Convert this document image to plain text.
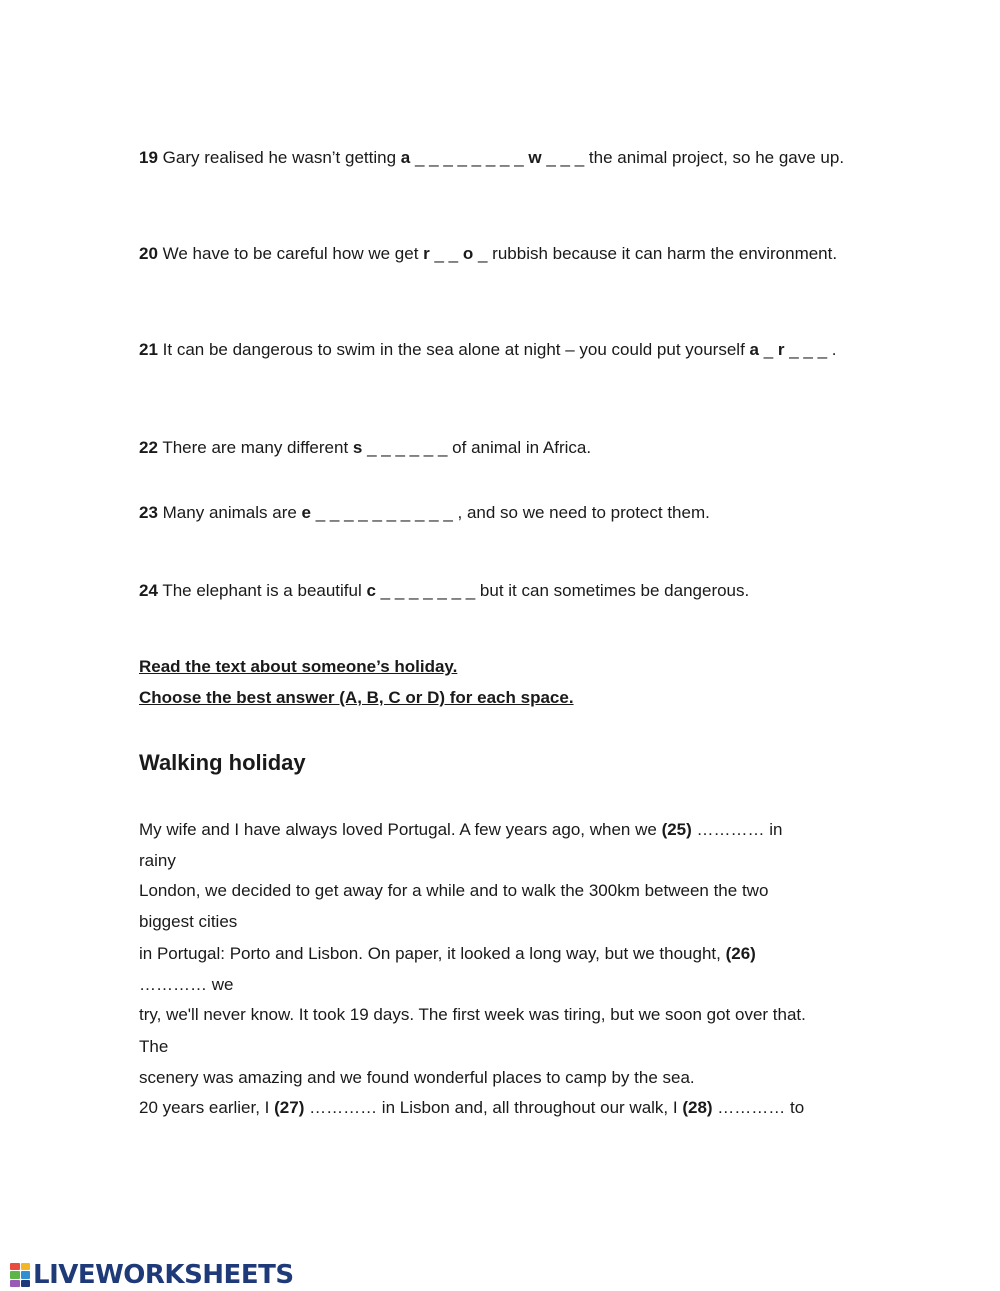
19 Gary realised he wasn’t getting a _ _ _ _ _ _ _ _ w _ _ _ the animal project, so he gave up.
20 We have to be careful how we get r _ _ o _ rubbish because it can harm the environment.
21 It can be dangerous to swim in the sea alone at night – you could put yourself a _ r _ _ _ .
22 There are many different s _ _ _ _ _ _ of animal in Africa.
23 Many animals are e _ _ _ _ _ _ _ _ _ _ , and so we need to protect them.
24 The elephant is a beautiful c _ _ _ _ _ _ _ but it can sometimes be dangerous.
Read the text about someone’s holiday.
Choose the best answer (A, B, C or D) for each space.
Walking holiday
My wife and I have always loved Portugal. A few years ago, when we (25) ………… in
rainy
London, we decided to get away for a while and to walk the 300km between the two
biggest cities
in Portugal: Porto and Lisbon. On paper, it looked a long way, but we thought, (26)
………… we
try, we'll never know. It took 19 days. The first week was tiring, but we soon got over that.
The
scenery was amazing and we found wonderful places to camp by the sea.
20 years earlier, I (27) ………… in Lisbon and, all throughout our walk, I (28) ………… to
LIVEWORKSHEETS
